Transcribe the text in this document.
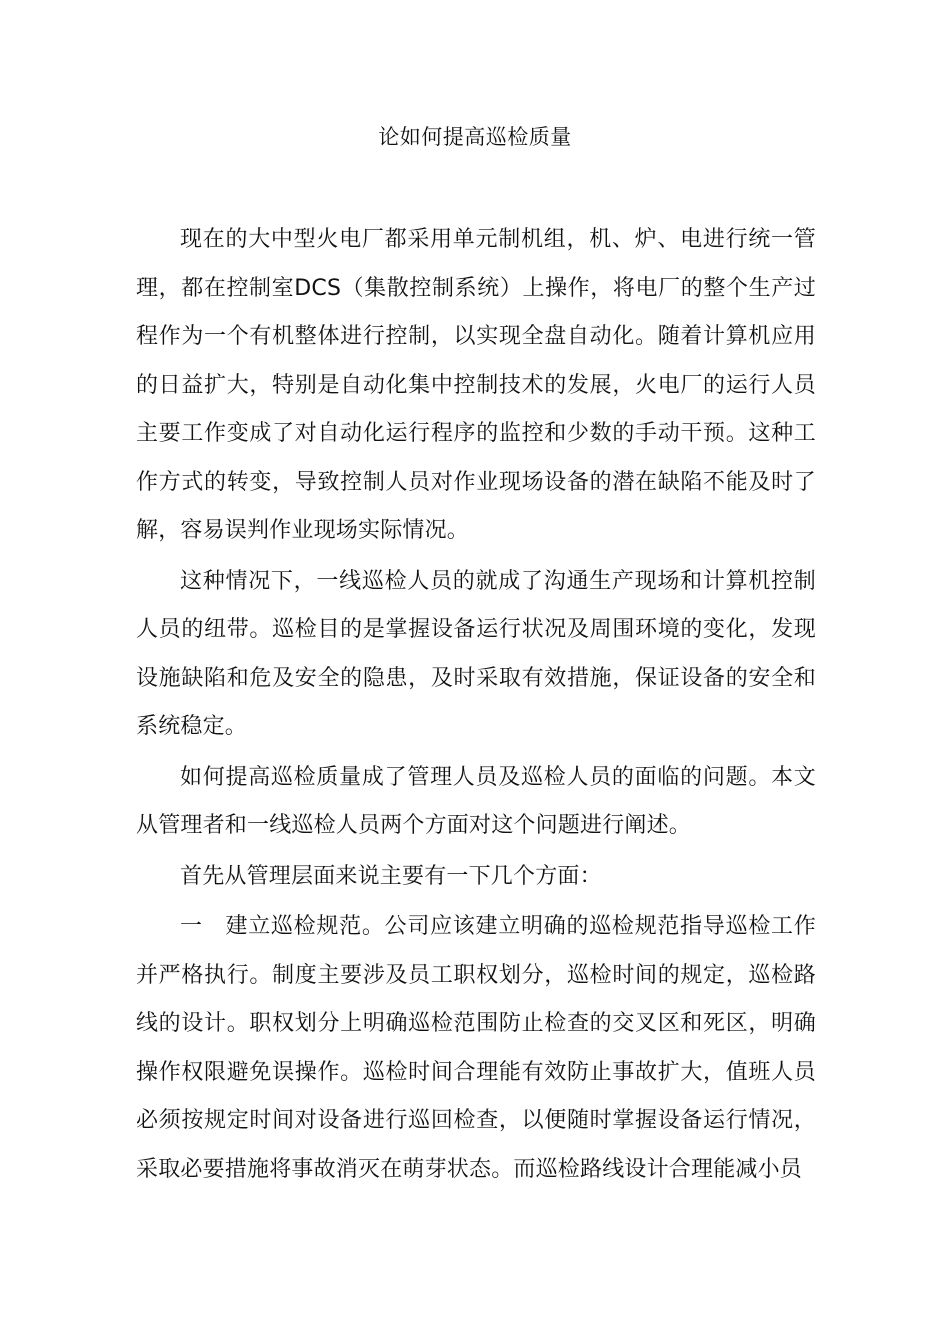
论如何提高巡检质量

现在的大中型火电厂都采用单元制机组，机、炉、电进行统一管理，都在控制室DCS（集散控制系统）上操作，将电厂的整个生产过程作为一个有机整体进行控制，以实现全盘自动化。随着计算机应用的日益扩大，特别是自动化集中控制技术的发展，火电厂的运行人员主要工作变成了对自动化运行程序的监控和少数的手动干预。这种工作方式的转变，导致控制人员对作业现场设备的潜在缺陷不能及时了解，容易误判作业现场实际情况。

这种情况下，一线巡检人员的就成了沟通生产现场和计算机控制人员的纽带。巡检目的是掌握设备运行状况及周围环境的变化，发现设施缺陷和危及安全的隐患，及时采取有效措施，保证设备的安全和系统稳定。

如何提高巡检质量成了管理人员及巡检人员的面临的问题。本文从管理者和一线巡检人员两个方面对这个问题进行阐述。

首先从管理层面来说主要有一下几个方面：

一　建立巡检规范。公司应该建立明确的巡检规范指导巡检工作并严格执行。制度主要涉及员工职权划分，巡检时间的规定，巡检路线的设计。职权划分上明确巡检范围防止检查的交叉区和死区，明确操作权限避免误操作。巡检时间合理能有效防止事故扩大，值班人员必须按规定时间对设备进行巡回检查，以便随时掌握设备运行情况，采取必要措施将事故消灭在萌芽状态。而巡检路线设计合理能减小员
